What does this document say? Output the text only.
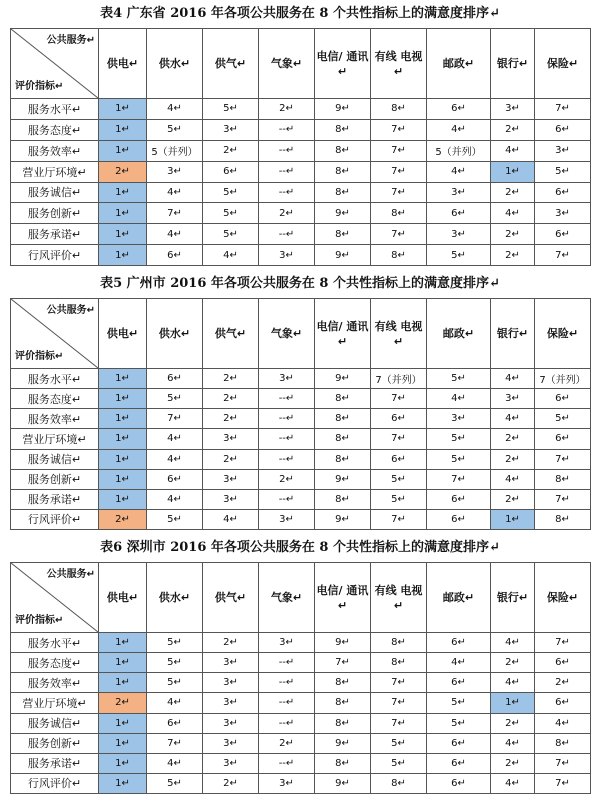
表4 广东省 2016 年各项公共服务在 8 个共性指标上的满意度排序↵
公共服务↵
评价指标↵	供电↵	供水↵	供气↵	气象↵	电信/ 通讯↵	有线 电视↵	邮政↵	银行↵	保险↵
服务水平↵	1↵	4↵	5↵	2↵	9↵	8↵	6↵	3↵	7↵
服务态度↵	1↵	5↵	3↵	--↵	8↵	7↵	4↵	2↵	6↵
服务效率↵	1↵	5（并列）	2↵	--↵	8↵	7↵	5（并列）	4↵	3↵
营业厅环境↵	2↵	3↵	6↵	--↵	8↵	7↵	4↵	1↵	5↵
服务诚信↵	1↵	4↵	5↵	--↵	8↵	7↵	3↵	2↵	6↵
服务创新↵	1↵	7↵	5↵	2↵	9↵	8↵	6↵	4↵	3↵
服务承诺↵	1↵	4↵	5↵	--↵	8↵	7↵	3↵	2↵	6↵
行风评价↵	1↵	6↵	4↵	3↵	9↵	8↵	5↵	2↵	7↵
表5 广州市 2016 年各项公共服务在 8 个共性指标上的满意度排序↵
公共服务↵
评价指标↵	供电↵	供水↵	供气↵	气象↵	电信/ 通讯↵	有线 电视↵	邮政↵	银行↵	保险↵
服务水平↵	1↵	6↵	2↵	3↵	9↵	7（并列）	5↵	4↵	7（并列）
服务态度↵	1↵	5↵	2↵	--↵	8↵	7↵	4↵	3↵	6↵
服务效率↵	1↵	7↵	2↵	--↵	8↵	6↵	3↵	4↵	5↵
营业厅环境↵	1↵	4↵	3↵	--↵	8↵	7↵	5↵	2↵	6↵
服务诚信↵	1↵	4↵	2↵	--↵	8↵	6↵	5↵	2↵	7↵
服务创新↵	1↵	6↵	3↵	2↵	9↵	5↵	7↵	4↵	8↵
服务承诺↵	1↵	4↵	3↵	--↵	8↵	5↵	6↵	2↵	7↵
行风评价↵	2↵	5↵	4↵	3↵	9↵	7↵	6↵	1↵	8↵
表6 深圳市 2016 年各项公共服务在 8 个共性指标上的满意度排序↵
公共服务↵
评价指标↵	供电↵	供水↵	供气↵	气象↵	电信/ 通讯↵	有线 电视↵	邮政↵	银行↵	保险↵
服务水平↵	1↵	5↵	2↵	3↵	9↵	8↵	6↵	4↵	7↵
服务态度↵	1↵	5↵	3↵	--↵	7↵	8↵	4↵	2↵	6↵
服务效率↵	1↵	5↵	3↵	--↵	8↵	7↵	6↵	4↵	2↵
营业厅环境↵	2↵	4↵	3↵	--↵	8↵	7↵	5↵	1↵	6↵
服务诚信↵	1↵	6↵	3↵	--↵	8↵	7↵	5↵	2↵	4↵
服务创新↵	1↵	7↵	3↵	2↵	9↵	5↵	6↵	4↵	8↵
服务承诺↵	1↵	4↵	3↵	--↵	8↵	5↵	6↵	2↵	7↵
行风评价↵	1↵	5↵	2↵	3↵	9↵	8↵	6↵	4↵	7↵
